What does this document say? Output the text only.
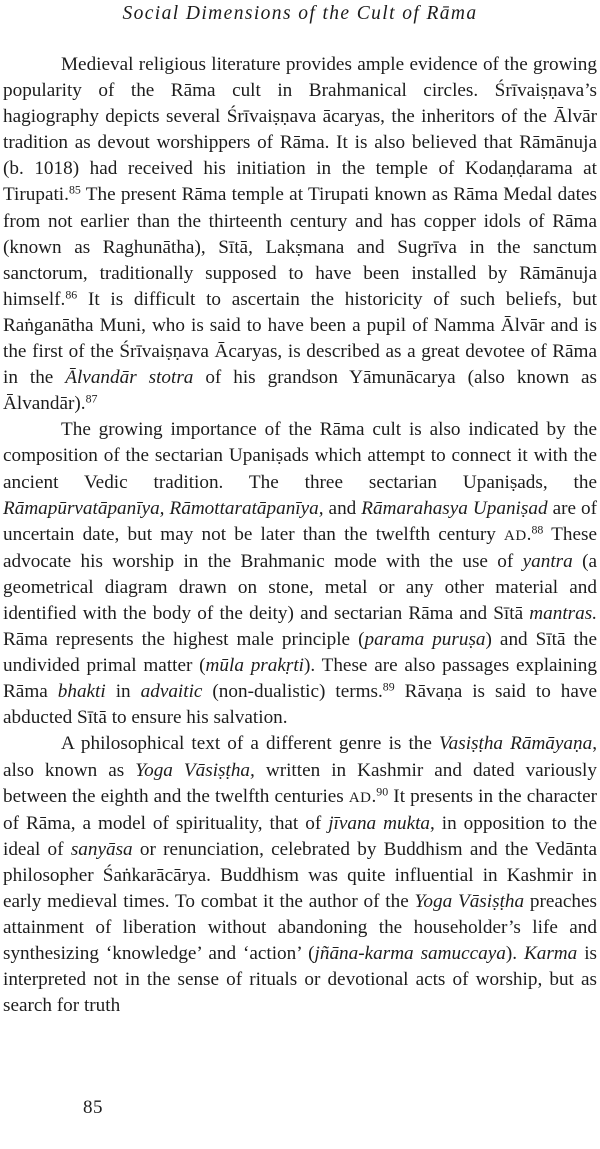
Social Dimensions of the Cult of Rāma

Medieval religious literature provides ample evidence of the growing popularity of the Rāma cult in Brahmanical circles. Śrīvaiṣṇava’s hagiography depicts several Śrīvaiṣṇava ācaryas, the inheritors of the Ālvār tradition as devout worshippers of Rāma. It is also believed that Rāmānuja (b. 1018) had received his initiation in the temple of Kodaṇḍarama at Tirupati.$^{85}$ The present Rāma temple at Tirupati known as Rāma Medal dates from not earlier than the thirteenth century and has copper idols of Rāma (known as Raghunātha), Sītā, Lakṣmana and Sugrīva in the sanctum sanctorum, traditionally supposed to have been installed by Rāmānuja himself.$^{86}$ It is difficult to ascertain the historicity of such beliefs, but Raṅganātha Muni, who is said to have been a pupil of Namma Ālvār and is the first of the Śrīvaiṣṇava Ācaryas, is described as a great devotee of Rāma in the Ālvandār stotra of his grandson Yāmunācarya (also known as Ālvandār).$^{87}$

The growing importance of the Rāma cult is also indicated by the composition of the sectarian Upaniṣads which attempt to connect it with the ancient Vedic tradition. The three sectarian Upaniṣads, the Rāmapūrvatāpanīya, Rāmottaratāpanīya, and Rāmarahasya Upaniṣad are of uncertain date, but may not be later than the twelfth century AD.$^{88}$ These advocate his worship in the Brahmanic mode with the use of yantra (a geometrical diagram drawn on stone, metal or any other material and identified with the body of the deity) and sectarian Rāma and Sītā mantras. Rāma represents the highest male principle (parama puruṣa) and Sītā the undivided primal matter (mūla prakṛti). These are also passages explaining Rāma bhakti in advaitic (non-dualistic) terms.$^{89}$ Rāvaṇa is said to have abducted Sītā to ensure his salvation.

A philosophical text of a different genre is the Vasiṣṭha Rāmāyaṇa, also known as Yoga Vāsiṣṭha, written in Kashmir and dated variously between the eighth and the twelfth centuries AD.$^{90}$ It presents in the character of Rāma, a model of spirituality, that of jīvana mukta, in opposition to the ideal of sanyāsa or renunciation, celebrated by Buddhism and the Vedānta philosopher Śaṅkarācārya. Buddhism was quite influential in Kashmir in early medieval times. To combat it the author of the Yoga Vāsiṣṭha preaches attainment of liberation without abandoning the householder’s life and synthesizing ‘knowledge’ and ‘action’ (jñāna-karma samuccaya). Karma is interpreted not in the sense of rituals or devotional acts of worship, but as search for truth

85
